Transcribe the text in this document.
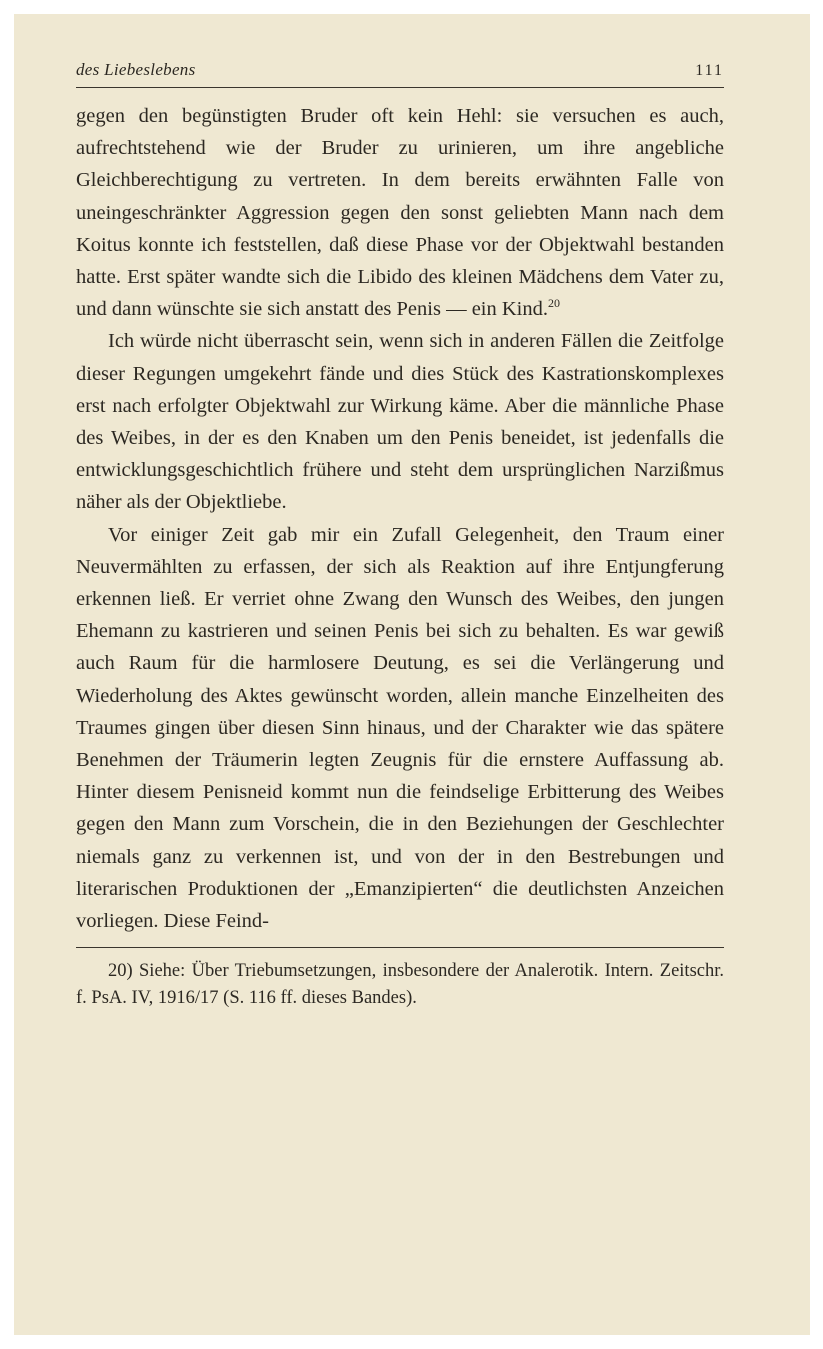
des Liebeslebens	111

gegen den begünstigten Bruder oft kein Hehl: sie versuchen es auch, aufrechtstehend wie der Bruder zu urinieren, um ihre angebliche Gleichberechtigung zu vertreten. In dem bereits erwähnten Falle von uneingeschränkter Aggression gegen den sonst geliebten Mann nach dem Koitus konnte ich feststellen, daß diese Phase vor der Objektwahl bestanden hatte. Erst später wandte sich die Libido des kleinen Mädchens dem Vater zu, und dann wünschte sie sich anstatt des Penis — ein Kind.$^{20}$

Ich würde nicht überrascht sein, wenn sich in anderen Fällen die Zeitfolge dieser Regungen umgekehrt fände und dies Stück des Kastrationskomplexes erst nach erfolgter Objektwahl zur Wirkung käme. Aber die männliche Phase des Weibes, in der es den Knaben um den Penis beneidet, ist jedenfalls die entwicklungsgeschichtlich frühere und steht dem ursprünglichen Narzißmus näher als der Objektliebe.

Vor einiger Zeit gab mir ein Zufall Gelegenheit, den Traum einer Neuvermählten zu erfassen, der sich als Reaktion auf ihre Entjungferung erkennen ließ. Er verriet ohne Zwang den Wunsch des Weibes, den jungen Ehemann zu kastrieren und seinen Penis bei sich zu behalten. Es war gewiß auch Raum für die harmlosere Deutung, es sei die Verlängerung und Wiederholung des Aktes gewünscht worden, allein manche Einzelheiten des Traumes gingen über diesen Sinn hinaus, und der Charakter wie das spätere Benehmen der Träumerin legten Zeugnis für die ernstere Auffassung ab. Hinter diesem Penisneid kommt nun die feindselige Erbitterung des Weibes gegen den Mann zum Vorschein, die in den Beziehungen der Geschlechter niemals ganz zu verkennen ist, und von der in den Bestrebungen und literarischen Produktionen der „Emanzipierten“ die deutlichsten Anzeichen vorliegen. Diese Feind-

20) Siehe: Über Triebumsetzungen, insbesondere der Analerotik. Intern. Zeitschr. f. PsA. IV, 1916/17 (S. 116 ff. dieses Bandes).
